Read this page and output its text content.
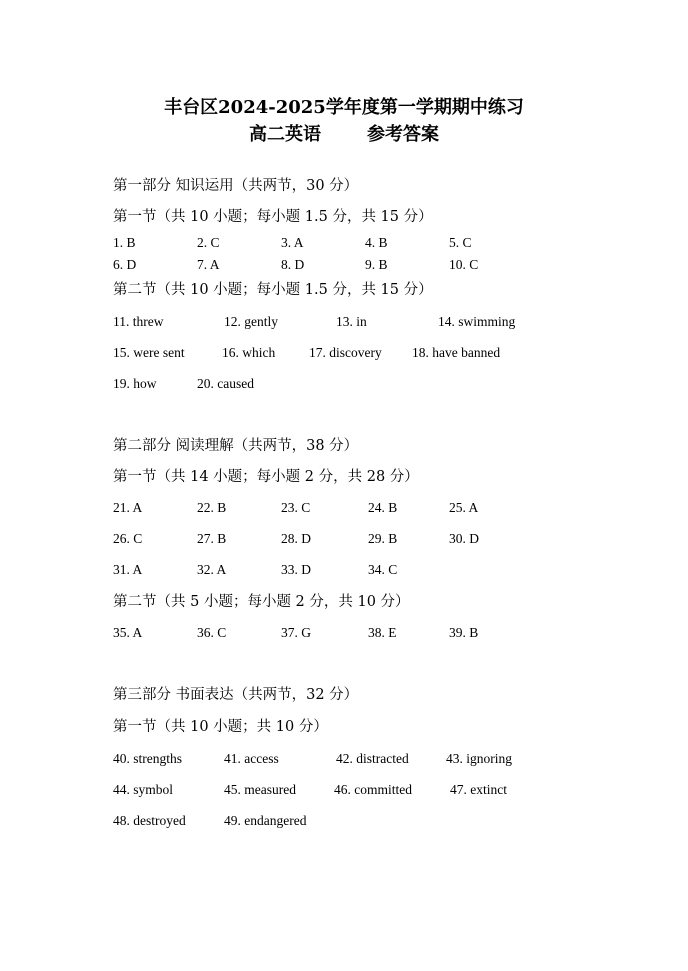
丰台区2024-2025学年度第一学期期中练习
高二英语	参考答案
第一部分 知识运用（共两节，30 分）
第一节（共 10 小题；每小题 1.5 分，共 15 分）
1. B	2. C	3. A	4. B	5. C
6. D	7. A	8. D	9. B	10. C
第二节（共 10 小题；每小题 1.5 分，共 15 分）
11. threw	12. gently	13. in	14. swimming
15. were sent	16. which	17. discovery 18. have banned
19. how	20. caused
第二部分 阅读理解（共两节，38 分）
第一节（共 14 小题；每小题 2 分，共 28 分）
21. A	22. B	23. C	24. B	25. A
26. C	27. B	28. D	29. B	30. D
31. A	32. A	33. D	34. C
第二节（共 5 小题；每小题 2 分，共 10 分）
35. A	36. C	37. G	38. E	39. B
第三部分 书面表达（共两节，32 分）
第一节（共 10 小题；共 10 分）
40. strengths	41. access	42. distracted	43. ignoring
44. symbol	45. measured	46. committed	47. extinct
48. destroyed	49. endangered
